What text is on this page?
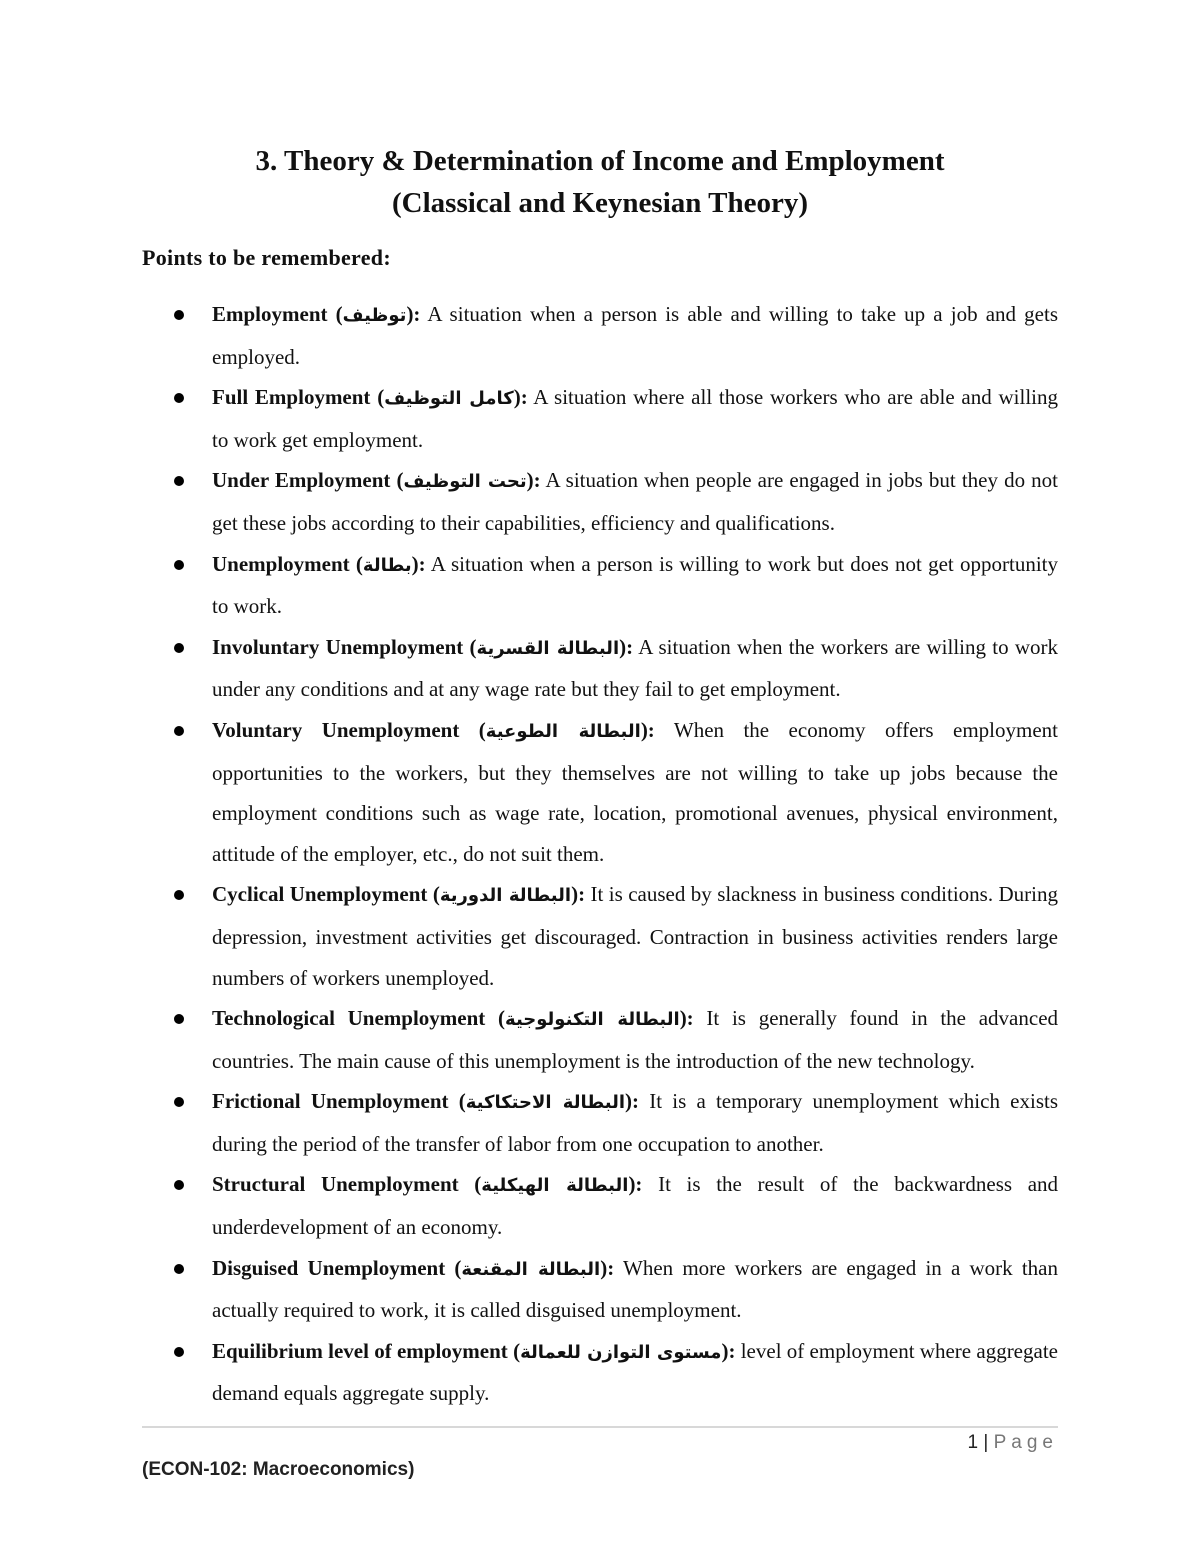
3. Theory & Determination of Income and Employment
(Classical and Keynesian Theory)
Points to be remembered:
Employment (توظيف): A situation when a person is able and willing to take up a job and gets employed.
Full Employment (كامل التوظيف): A situation where all those workers who are able and willing to work get employment.
Under Employment (تحت التوظيف): A situation when people are engaged in jobs but they do not get these jobs according to their capabilities, efficiency and qualifications.
Unemployment (بطالة): A situation when a person is willing to work but does not get opportunity to work.
Involuntary Unemployment (البطالة القسرية): A situation when the workers are willing to work under any conditions and at any wage rate but they fail to get employment.
Voluntary Unemployment (البطالة الطوعية): When the economy offers employment opportunities to the workers, but they themselves are not willing to take up jobs because the employment conditions such as wage rate, location, promotional avenues, physical environment, attitude of the employer, etc., do not suit them.
Cyclical Unemployment (البطالة الدورية): It is caused by slackness in business conditions. During depression, investment activities get discouraged. Contraction in business activities renders large numbers of workers unemployed.
Technological Unemployment (البطالة التكنولوجية): It is generally found in the advanced countries. The main cause of this unemployment is the introduction of the new technology.
Frictional Unemployment (البطالة الاحتكاكية): It is a temporary unemployment which exists during the period of the transfer of labor from one occupation to another.
Structural Unemployment (البطالة الهيكلية): It is the result of the backwardness and underdevelopment of an economy.
Disguised Unemployment (البطالة المقنعة): When more workers are engaged in a work than actually required to work, it is called disguised unemployment.
Equilibrium level of employment (مستوى التوازن للعمالة): level of employment where aggregate demand equals aggregate supply.
1 | Page
(ECON-102: Macroeconomics)
